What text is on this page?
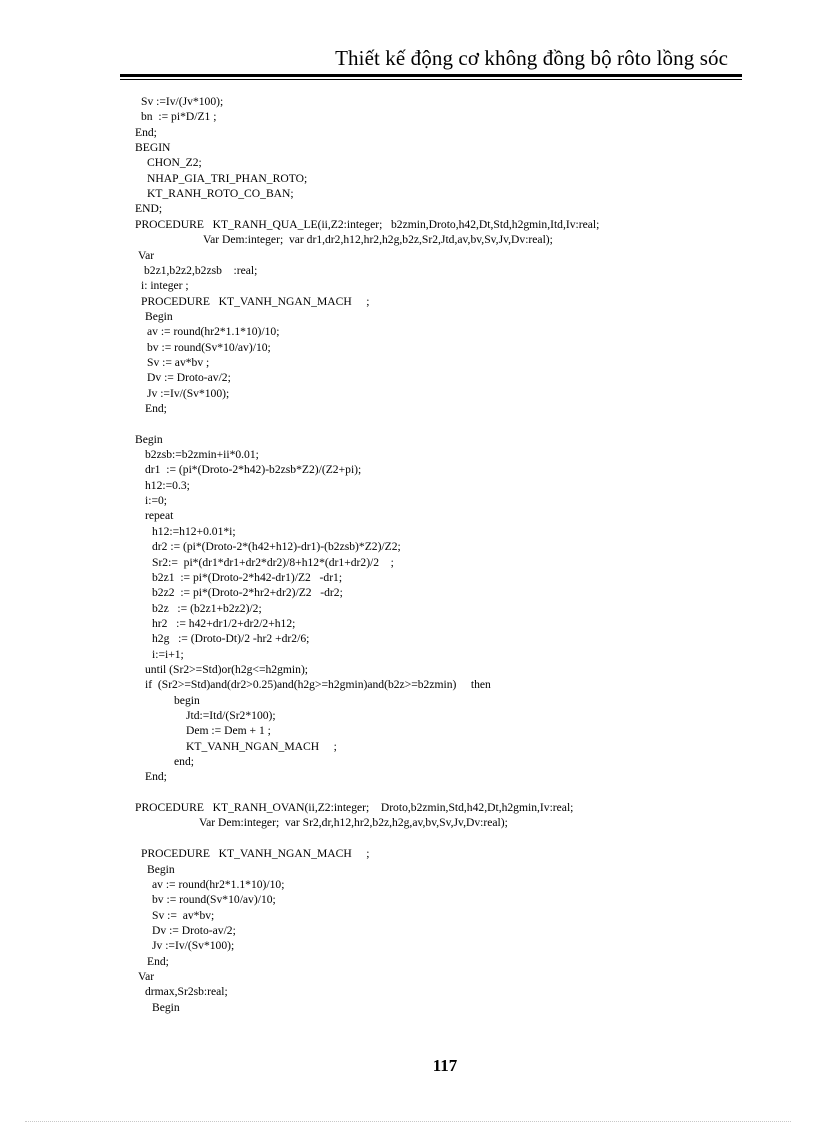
Thiết kế động cơ không đồng bộ rôto lồng sóc
Sv :=Iv/(Jv*100);
bn  := pi*D/Z1 ;
End;
BEGIN
CHON_Z2;
NHAP_GIA_TRI_PHAN_ROTO;
KT_RANH_ROTO_CO_BAN;
END;
PROCEDURE   KT_RANH_QUA_LE(ii,Z2:integer;   b2zmin,Droto,h42,Dt,Std,h2gmin,Itd,Iv:real;
Var Dem:integer;  var dr1,dr2,h12,hr2,h2g,b2z,Sr2,Jtd,av,bv,Sv,Jv,Dv:real);
Var
b2z1,b2z2,b2zsb    :real;
i: integer ;
PROCEDURE   KT_VANH_NGAN_MACH     ;
Begin
av := round(hr2*1.1*10)/10;
bv := round(Sv*10/av)/10;
Sv := av*bv ;
Dv := Droto-av/2;
Jv :=Iv/(Sv*100);
End;
Begin
b2zsb:=b2zmin+ii*0.01;
dr1  := (pi*(Droto-2*h42)-b2zsb*Z2)/(Z2+pi);
h12:=0.3;
i:=0;
repeat
h12:=h12+0.01*i;
dr2 := (pi*(Droto-2*(h42+h12)-dr1)-(b2zsb)*Z2)/Z2;
Sr2:=  pi*(dr1*dr1+dr2*dr2)/8+h12*(dr1+dr2)/2    ;
b2z1  := pi*(Droto-2*h42-dr1)/Z2   -dr1;
b2z2  := pi*(Droto-2*hr2+dr2)/Z2   -dr2;
b2z   := (b2z1+b2z2)/2;
hr2   := h42+dr1/2+dr2/2+h12;
h2g   := (Droto-Dt)/2 -hr2 +dr2/6;
i:=i+1;
until (Sr2>=Std)or(h2g<=h2gmin);
if  (Sr2>=Std)and(dr2>0.25)and(h2g>=h2gmin)and(b2z>=b2zmin)     then
begin
Jtd:=Itd/(Sr2*100);
Dem := Dem + 1 ;
KT_VANH_NGAN_MACH     ;
end;
End;
PROCEDURE   KT_RANH_OVAN(ii,Z2:integer;    Droto,b2zmin,Std,h42,Dt,h2gmin,Iv:real;
Var Dem:integer;  var Sr2,dr,h12,hr2,b2z,h2g,av,bv,Sv,Jv,Dv:real);
PROCEDURE   KT_VANH_NGAN_MACH     ;
Begin
av := round(hr2*1.1*10)/10;
bv := round(Sv*10/av)/10;
Sv :=  av*bv;
Dv := Droto-av/2;
Jv :=Iv/(Sv*100);
End;
Var
drmax,Sr2sb:real;
Begin
117
